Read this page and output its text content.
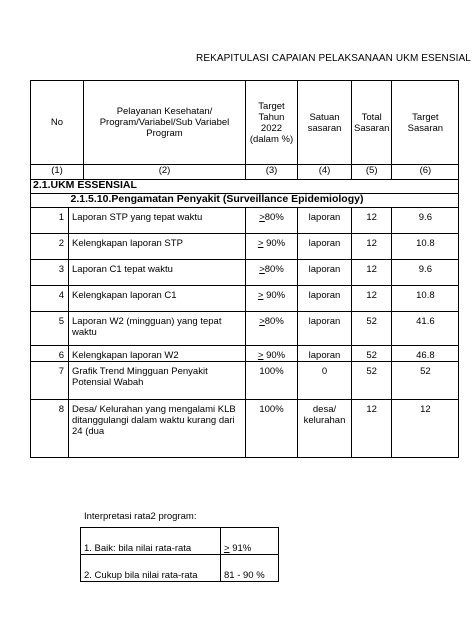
REKAPITULASI CAPAIAN PELAKSANAAN UKM ESENSIAL
No		Pelayanan Kesehatan/ Program/Variabel/Sub Variabel Program	Target Tahun 2022 (dalam %)	Satuan sasaran	Total Sasaran	Target Sasaran
(1)		(2)	(3)	(4)	(5)	(6)
2.1.UKM ESSENSIAL						
	2.1.5.10.Pengamatan Penyakit (Surveillance Epidemiology)					
1	Laporan STP yang tepat waktu		≥80%	laporan	12	9.6
2	Kelengkapan laporan STP		≥ 90%	laporan	12	10.8
3	Laporan C1 tepat waktu		≥80%	laporan	12	9.6
4	Kelengkapan laporan C1		≥ 90%	laporan	12	10.8
5	Laporan W2 (mingguan) yang tepat waktu		≥80%	laporan	52	41.6
6	Kelengkapan laporan W2		≥ 90%	laporan	52	46.8
7	Grafik Trend Mingguan Penyakit Potensial Wabah		100%	0	52	52
8	Desa/ Kelurahan yang mengalami KLB ditanggulangi dalam waktu kurang dari 24 (dua		100%	desa/ kelurahan	12	12
Interpretasi rata2 program:
1. Baik: bila nilai rata-rata	≥ 91%
2. Cukup bila nilai rata-rata	81 - 90 %
